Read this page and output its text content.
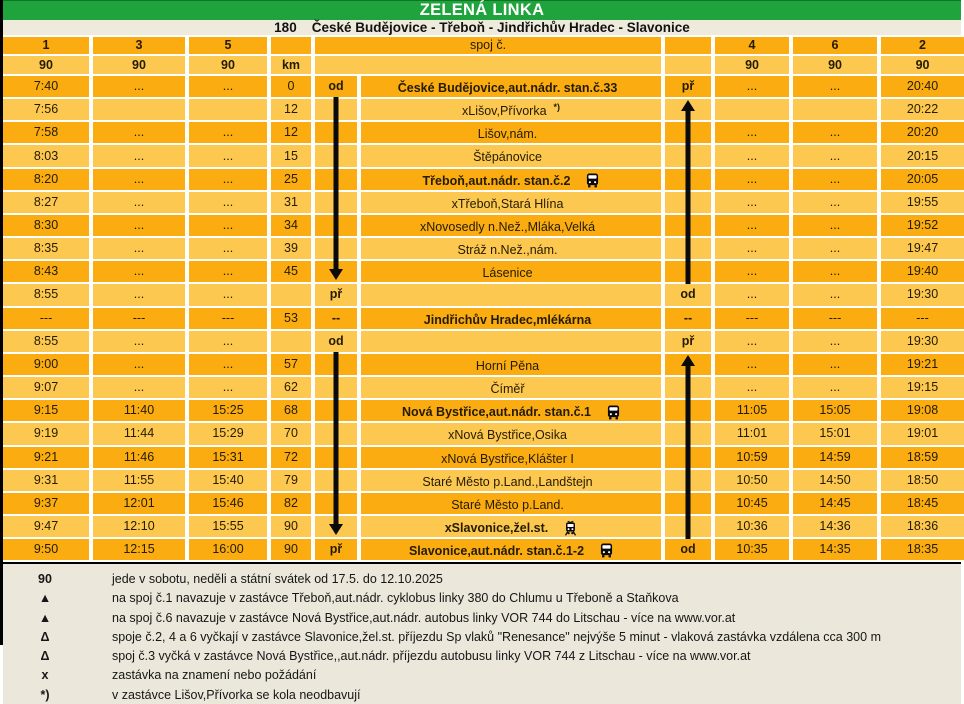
ZELENÁ LINKA
180 České Budějovice - Třeboň - Jindřichův Hradec - Slavonice
1	3	5		spoj č.			4	6	2
90	90	90	km				90	90	90
7:40	...	...	0	od	České Budějovice,aut.nádr. stan.č.33	př	...	...	20:40
7:56			12		xLišov,Přívorka *)				20:22
7:58	...	...	12		Lišov,nám.		...	...	20:20
8:03	...	...	15		Štěpánovice		...	...	20:15
8:20	...	...	25		Třeboň,aut.nádr. stan.č.2		...	...	20:05
8:27	...	...	31		xTřeboň,Stará Hlína		...	...	19:55
8:30	...	...	34		xNovosedly n.Než.,Mláka,Velká		...	...	19:52
8:35	...	...	39		Stráž n.Než.,nám.		...	...	19:47
8:43	...	...	45		Lásenice		...	...	19:40
8:55	...	...		př		od	...	...	19:30
---	---	---	53	--	Jindřichův Hradec,mlékárna	--	---	---	---
8:55	...	...		od		př	...	...	19:30
9:00	...	...	57		Horní Pěna		...	...	19:21
9:07	...	...	62		Číměř		...	...	19:15
9:15	11:40	15:25	68		Nová Bystřice,aut.nádr. stan.č.1		11:05	15:05	19:08
9:19	11:44	15:29	70		xNová Bystřice,Osika		11:01	15:01	19:01
9:21	11:46	15:31	72		xNová Bystřice,Klášter I		10:59	14:59	18:59
9:31	11:55	15:40	79		Staré Město p.Land.,Landštejn		10:50	14:50	18:50
9:37	12:01	15:46	82		Staré Město p.Land.		10:45	14:45	18:45
9:47	12:10	15:55	90		xSlavonice,žel.st.		10:36	14:36	18:36
9:50	12:15	16:00	90	př	Slavonice,aut.nádr. stan.č.1-2	od	10:35	14:35	18:35
90	jede v sobotu, neděli a státní svátek od 17.5. do 12.10.2025
▲	na spoj č.1 navazuje v zastávce Třeboň,aut.nádr. cyklobus linky 380 do Chlumu u Třeboně a Staňkova
▲	na spoj č.6 navazuje v zastávce Nová Bystřice,aut.nádr. autobus linky VOR 744 do Litschau - více na www.vor.at
Δ	spoje č.2, 4 a 6 vyčkají v zastávce Slavonice,žel.st. příjezdu Sp vlaků "Renesance" nejvýše 5 minut - vlaková zastávka vzdálena cca 300 m
Δ	spoj č.3 vyčká v zastávce Nová Bystřice,,aut.nádr. příjezdu autobusu linky VOR 744 z Litschau - více na www.vor.at
x	zastávka na znamení nebo požádání
*)	v zastávce Lišov,Přívorka se kola neodbavují
